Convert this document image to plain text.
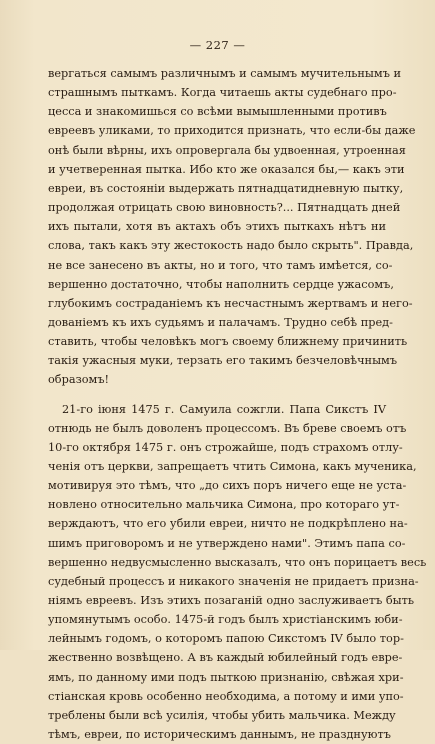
— 227 —
вергаться самымъ различнымъ и самымъ мучительнымъ и
страшнымъ пыткамъ. Когда читаешь акты судебнаго про-
цесса и знакомишься со всѣми вымышленными противъ
евреевъ уликами, то приходится признать, что если-бы даже
онѣ были вѣрны, ихъ опровергала бы удвоенная, утроенная
и учетверенная пытка. Ибо кто же оказался бы,— какъ эти
евреи, въ состояніи выдержать пятнадцатидневную пытку,
продолжая отрицать свою виновность?... Пятнадцать дней
ихъ пытали, хотя въ актахъ объ этихъ пыткахъ нѣтъ ни
слова, такъ какъ эту жестокость надо было скрыть". Правда,
не все занесено въ акты, но и того, что тамъ имѣется, со-
вершенно достаточно, чтобы наполнить сердце ужасомъ,
глубокимъ состраданіемъ къ несчастнымъ жертвамъ и него-
дованіемъ къ ихъ судьямъ и палачамъ. Трудно себѣ пред-
ставить, чтобы человѣкъ могъ своему ближнему причинить
такія ужасныя муки, терзать его такимъ безчеловѣчнымъ
образомъ!
21-го іюня 1475 г. Самуила сожгли. Папа Сикстъ IV
отнюдь не былъ доволенъ процессомъ. Въ бреве своемъ отъ
10-го октября 1475 г. онъ строжайше, подъ страхомъ отлу-
ченія отъ церкви, запрещаетъ чтить Симона, какъ мученика,
мотивируя это тѣмъ, что „до сихъ поръ ничего еще не уста-
новлено относительно мальчика Симона, про котораго ут-
верждаютъ, что его убили евреи, ничто не подкрѣплено на-
шимъ приговоромъ и не утверждено нами". Этимъ папа со-
вершенно недвусмысленно высказалъ, что онъ порицаетъ весь
судебный процессъ и никакого значенія не придаетъ призна-
ніямъ евреевъ. Изъ этихъ позаганій одно заслуживаетъ быть
упомянутымъ особо. 1475-й годъ былъ христіанскимъ юби-
лейнымъ годомъ, о которомъ папою Сикстомъ IV было тор-
жественно возвѣщено. А въ каждый юбилейный годъ евре-
ямъ, по данному ими подъ пыткою признанію, свѣжая хри-
стіанская кровь особенно необходима, а потому и ими упо-
треблены были всѣ усилія, чтобы убить мальчика. Между
тѣмъ, евреи, по историческимъ даннымъ, не празднуютъ
